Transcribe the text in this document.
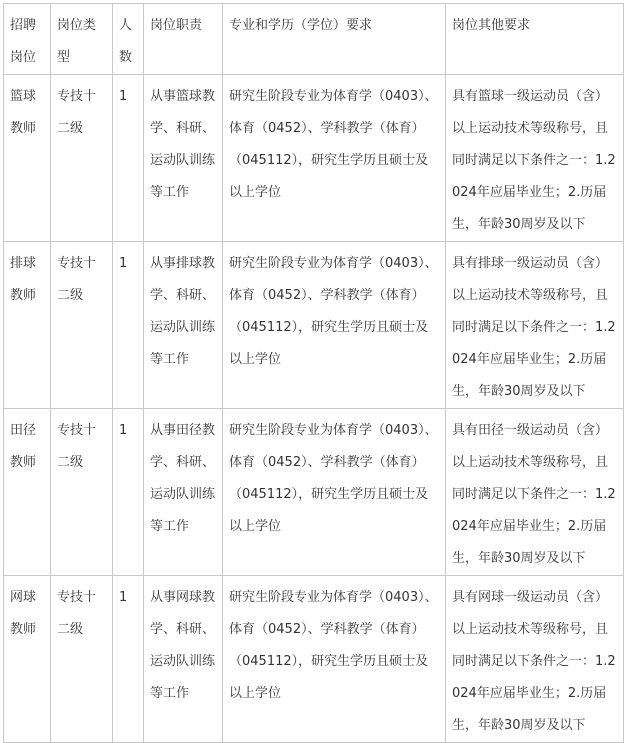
招聘岗位	岗位类型	人数	岗位职责	专业和学历（学位）要求	岗位其他要求
篮球教师	专技十二级	1	从事篮球教学、科研、运动队训练等工作	研究生阶段专业为体育学（0403）、体育（0452）、学科教学（体育）（045112），研究生学历且硕士及以上学位	具有篮球一级运动员（含）以上运动技术等级称号，且同时满足以下条件之一：1.2024年应届毕业生；2.历届生，年龄30周岁及以下
排球教师	专技十二级	1	从事排球教学、科研、运动队训练等工作	研究生阶段专业为体育学（0403）、体育（0452）、学科教学（体育）（045112），研究生学历且硕士及以上学位	具有排球一级运动员（含）以上运动技术等级称号，且同时满足以下条件之一：1.2024年应届毕业生；2.历届生，年龄30周岁及以下
田径教师	专技十二级	1	从事田径教学、科研、运动队训练等工作	研究生阶段专业为体育学（0403）、体育（0452）、学科教学（体育）（045112），研究生学历且硕士及以上学位	具有田径一级运动员（含）以上运动技术等级称号，且同时满足以下条件之一：1.2024年应届毕业生；2.历届生，年龄30周岁及以下
网球教师	专技十二级	1	从事网球教学、科研、运动队训练等工作	研究生阶段专业为体育学（0403）、体育（0452）、学科教学（体育）（045112），研究生学历且硕士及以上学位	具有网球一级运动员（含）以上运动技术等级称号，且同时满足以下条件之一：1.2024年应届毕业生；2.历届生，年龄30周岁及以下
